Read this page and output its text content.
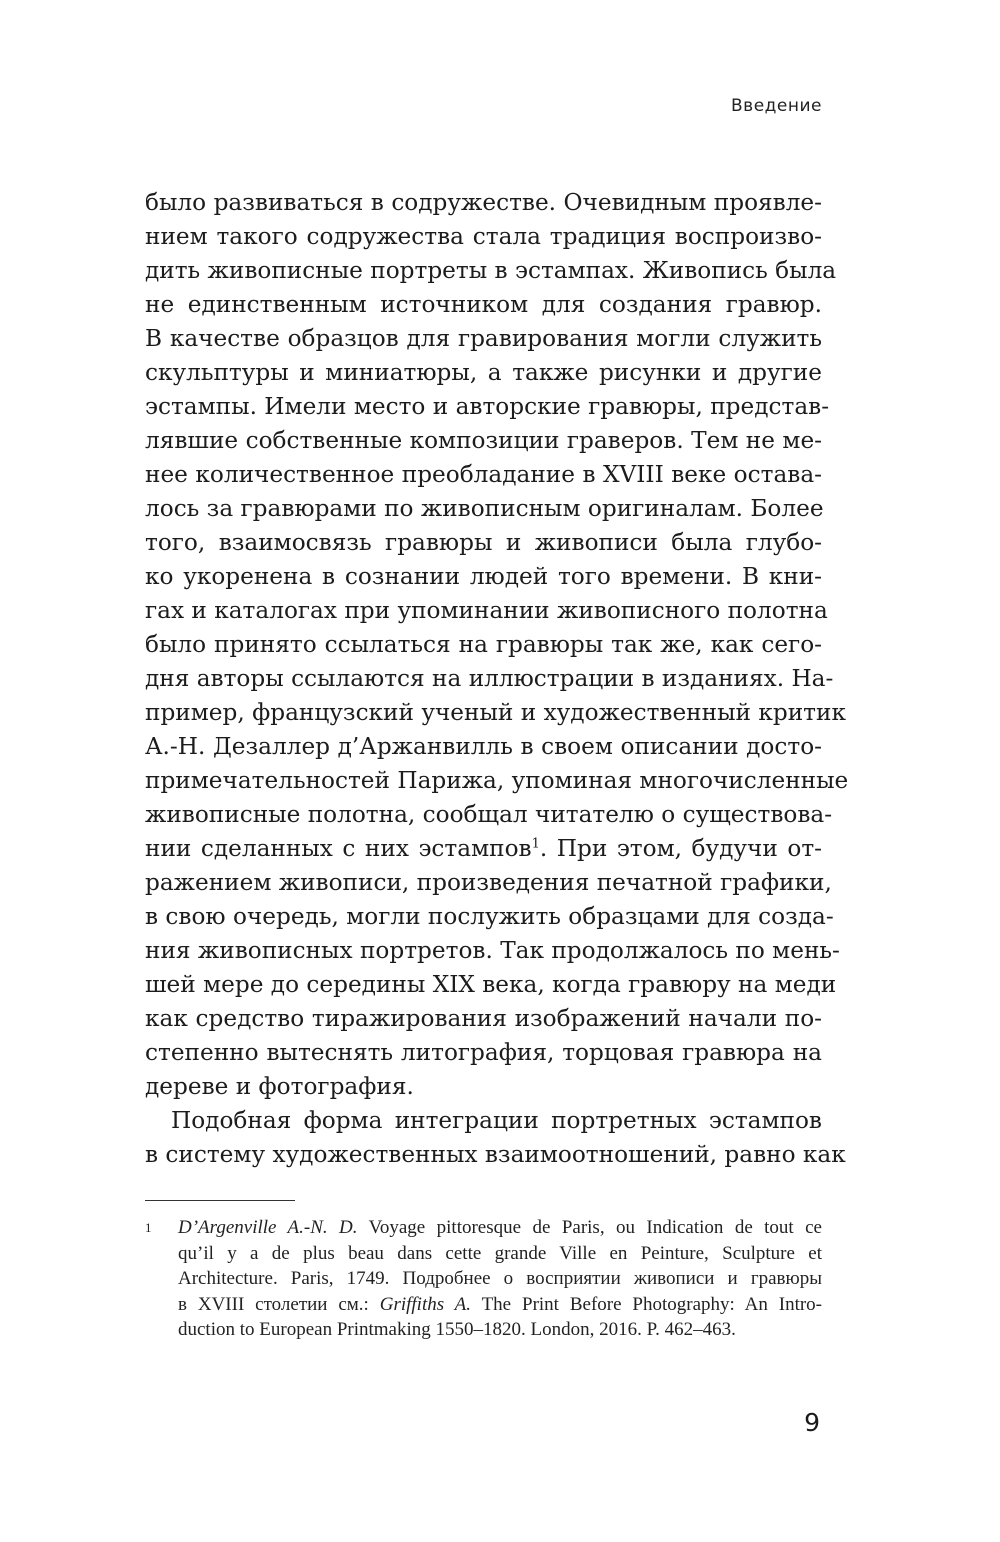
Введение
было развиваться в содружестве. Очевидным проявле-
нием такого содружества стала традиция воспроизво-
дить живописные портреты в эстампах. Живопись была
не единственным источником для создания гравюр.
В качестве образцов для гравирования могли служить
скульптуры и миниатюры, а также рисунки и другие
эстампы. Имели место и авторские гравюры, представ-
лявшие собственные композиции граверов. Тем не ме-
нее количественное преобладание в XVIII веке остава-
лось за гравюрами по живописным оригиналам. Более
того, взаимосвязь гравюры и живописи была глубо-
ко укоренена в сознании людей того времени. В кни-
гах и каталогах при упоминании живописного полотна
было принято ссылаться на гравюры так же, как сего-
дня авторы ссылаются на иллюстрации в изданиях. На-
пример, французский ученый и художественный критик
А.-Н. Дезаллер д’Аржанвилль в своем описании досто-
примечательностей Парижа, упоминая многочисленные
живописные полотна, сообщал читателю о существова-
нии сделанных с них эстампов$^1$. При этом, будучи от-
ражением живописи, произведения печатной графики,
в свою очередь, могли послужить образцами для созда-
ния живописных портретов. Так продолжалось по мень-
шей мере до середины XIX века, когда гравюру на меди
как средство тиражирования изображений начали по-
степенно вытеснять литография, торцовая гравюра на
дереве и фотография.
Подобная форма интеграции портретных эстампов
в систему художественных взаимоотношений, равно как
1 D’Argenville A.-N. D. Voyage pittoresque de Paris, ou Indication de tout ce
qu’il y a de plus beau dans cette grande Ville en Peinture, Sculpture et
Architecture. Paris, 1749. Подробнее о восприятии живописи и гравюры
в XVIII столетии см.: Griffiths A. The Print Before Photography: An Intro-
duction to European Printmaking 1550–1820. London, 2016. P. 462–463.
9
